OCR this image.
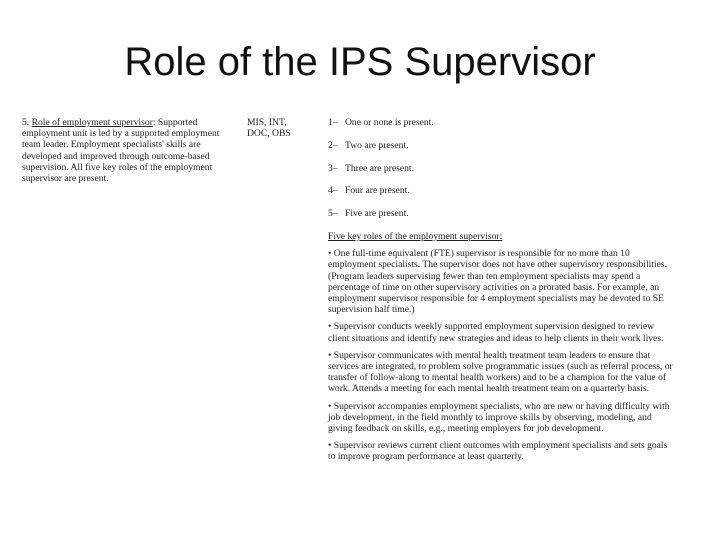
Role of the IPS Supervisor
5. Role of employment supervisor: Supported employment unit is led by a supported employment team leader. Employment specialists' skills are developed and improved through outcome-based supervision. All five key roles of the employment supervisor are present.
MIS, INT,
DOC, OBS
1– One or none is present.
2– Two are present.
3– Three are present.
4– Four are present.
5– Five are present.
Five key roles of the employment supervisor:
• One full-time equivalent (FTE) supervisor is responsible for no more than 10 employment specialists. The supervisor does not have other supervisory responsibilities. (Program leaders supervising fewer than ten employment specialists may spend a percentage of time on other supervisory activities on a prorated basis. For example, an employment supervisor responsible for 4 employment specialists may be devoted to SE supervision half time.)
• Supervisor conducts weekly supported employment supervision designed to review client situations and identify new strategies and ideas to help clients in their work lives.
• Supervisor communicates with mental health treatment team leaders to ensure that services are integrated, to problem solve programmatic issues (such as referral process, or transfer of follow-along to mental health workers) and to be a champion for the value of work. Attends a meeting for each mental health treatment team on a quarterly basis.
• Supervisor accompanies employment specialists, who are new or having difficulty with job development, in the field monthly to improve skills by observing, modeling, and giving feedback on skills, e.g., meeting employers for job development.
• Supervisor reviews current client outcomes with employment specialists and sets goals to improve program performance at least quarterly.
